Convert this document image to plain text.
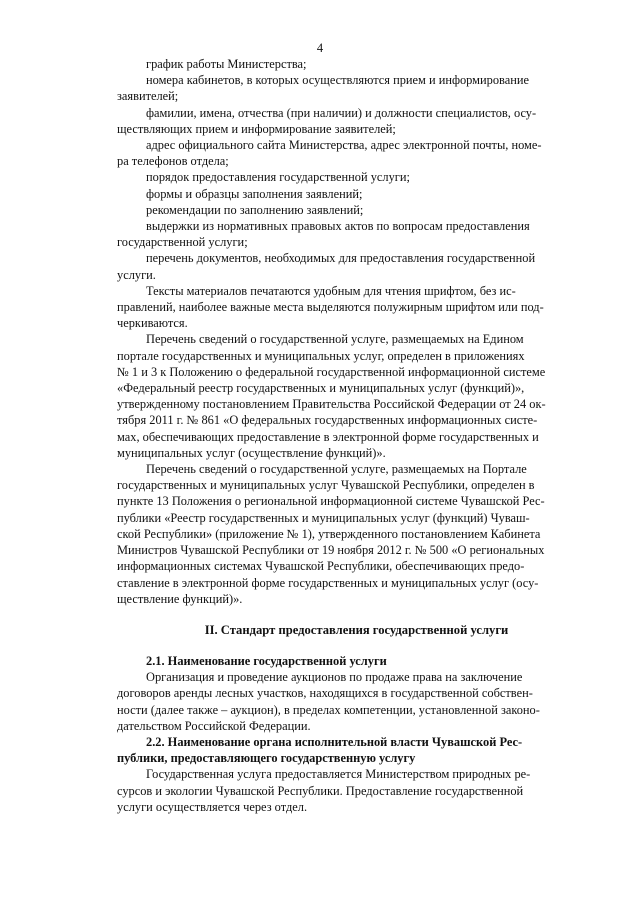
4

график работы Министерства;

номера кабинетов, в которых осуществляются прием и информирование
заявителей;

фамилии, имена, отчества (при наличии) и должности специалистов, осу-
ществляющих прием и информирование заявителей;

адрес официального сайта Министерства, адрес электронной почты, номе-
ра телефонов отдела;

порядок предоставления государственной услуги;

формы и образцы заполнения заявлений;

рекомендации по заполнению заявлений;

выдержки из нормативных правовых актов по вопросам предоставления
государственной услуги;

перечень документов, необходимых для предоставления государственной
услуги.

Тексты материалов печатаются удобным для чтения шрифтом, без ис-
правлений, наиболее важные места выделяются полужирным шрифтом или под-
черкиваются.

Перечень сведений о государственной услуге, размещаемых на Едином
портале государственных и муниципальных услуг, определен в приложениях
№ 1 и 3 к Положению о федеральной государственной информационной системе
«Федеральный реестр государственных и муниципальных услуг (функций)»,
утвержденному постановлением Правительства Российской Федерации от 24 ок-
тября 2011 г. № 861 «О федеральных государственных информационных систе-
мах, обеспечивающих предоставление в электронной форме государственных и
муниципальных услуг (осуществление функций)».

Перечень сведений о государственной услуге, размещаемых на Портале
государственных и муниципальных услуг Чувашской Республики, определен в
пункте 13 Положения о региональной информационной системе Чувашской Рес-
публики «Реестр государственных и муниципальных услуг (функций) Чуваш-
ской Республики» (приложение № 1), утвержденного постановлением Кабинета
Министров Чувашской Республики от 19 ноября 2012 г. № 500 «О региональных
информационных системах Чувашской Республики, обеспечивающих предо-
ставление в электронной форме государственных и муниципальных услуг (осу-
ществление функций)».

II. Стандарт предоставления государственной услуги
2.1. Наименование государственной услуги

Организация и проведение аукционов по продаже права на заключение
договоров аренды лесных участков, находящихся в государственной собствен-
ности (далее также – аукцион), в пределах компетенции, установленной законо-
дательством Российской Федерации.

2.2. Наименование органа исполнительной власти Чувашской Рес-
публики, предоставляющего государственную услугу

Государственная услуга предоставляется Министерством природных ре-
сурсов и экологии Чувашской Республики. Предоставление государственной
услуги осуществляется через отдел.
